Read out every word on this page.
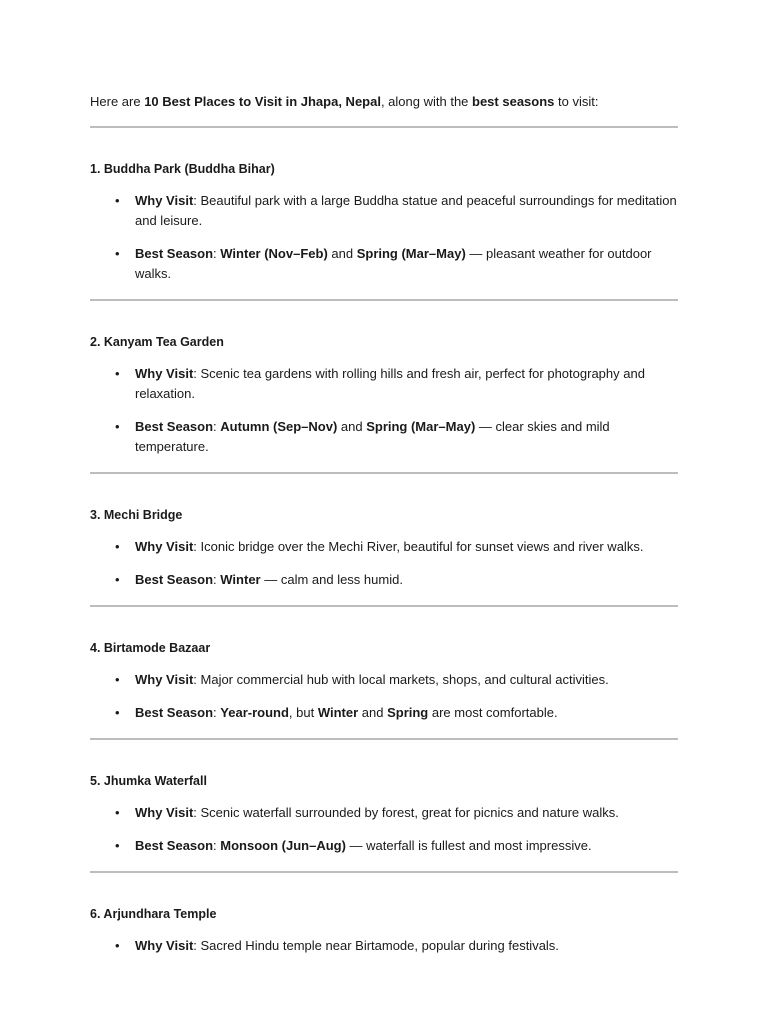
Here are 10 Best Places to Visit in Jhapa, Nepal, along with the best seasons to visit:

1. Buddha Park (Buddha Bihar)

• Why Visit: Beautiful park with a large Buddha statue and peaceful surroundings for meditation and leisure.
• Best Season: Winter (Nov–Feb) and Spring (Mar–May) — pleasant weather for outdoor walks.

2. Kanyam Tea Garden

• Why Visit: Scenic tea gardens with rolling hills and fresh air, perfect for photography and relaxation.
• Best Season: Autumn (Sep–Nov) and Spring (Mar–May) — clear skies and mild temperature.

3. Mechi Bridge

• Why Visit: Iconic bridge over the Mechi River, beautiful for sunset views and river walks.
• Best Season: Winter — calm and less humid.

4. Birtamode Bazaar

• Why Visit: Major commercial hub with local markets, shops, and cultural activities.
• Best Season: Year-round, but Winter and Spring are most comfortable.

5. Jhumka Waterfall

• Why Visit: Scenic waterfall surrounded by forest, great for picnics and nature walks.
• Best Season: Monsoon (Jun–Aug) — waterfall is fullest and most impressive.

6. Arjundhara Temple

• Why Visit: Sacred Hindu temple near Birtamode, popular during festivals.
